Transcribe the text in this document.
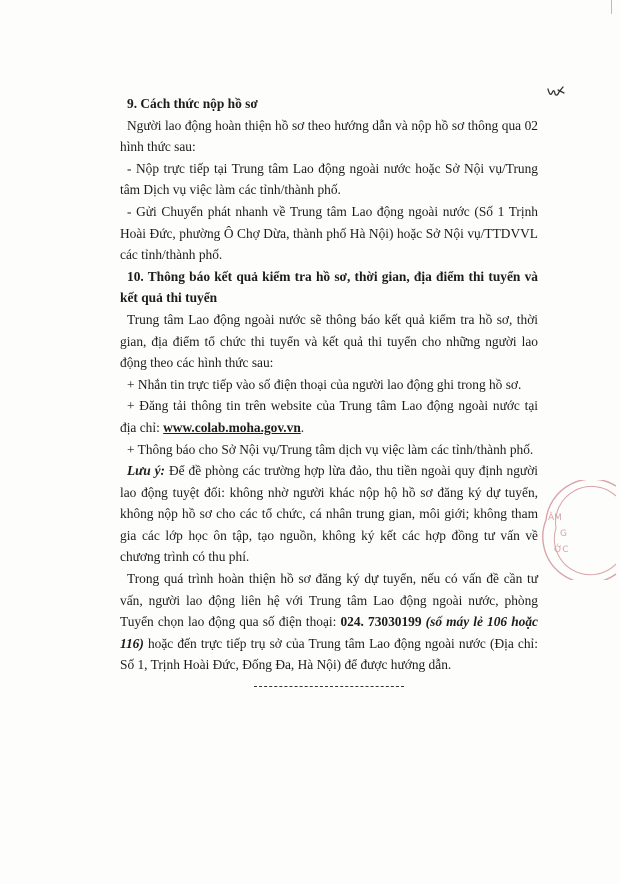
ÂM
G
ỚC

9. Cách thức nộp hồ sơ

Người lao động hoàn thiện hồ sơ theo hướng dẫn và nộp hồ sơ thông qua 02 hình thức sau:

- Nộp trực tiếp tại Trung tâm Lao động ngoài nước hoặc Sở Nội vụ/Trung tâm Dịch vụ việc làm các tỉnh/thành phố.

- Gửi Chuyển phát nhanh về Trung tâm Lao động ngoài nước (Số 1 Trịnh Hoài Đức, phường Ô Chợ Dừa, thành phố Hà Nội) hoặc Sở Nội vụ/TTDVVL các tỉnh/thành phố.

10. Thông báo kết quả kiểm tra hồ sơ, thời gian, địa điểm thi tuyển và kết quả thi tuyển

Trung tâm Lao động ngoài nước sẽ thông báo kết quả kiểm tra hồ sơ, thời gian, địa điểm tổ chức thi tuyển và kết quả thi tuyển cho những người lao động theo các hình thức sau:

+ Nhắn tin trực tiếp vào số điện thoại của người lao động ghi trong hồ sơ.

+ Đăng tải thông tin trên website của Trung tâm Lao động ngoài nước tại địa chỉ: www.colab.moha.gov.vn.

+ Thông báo cho Sở Nội vụ/Trung tâm dịch vụ việc làm các tỉnh/thành phố.

Lưu ý: Để đề phòng các trường hợp lừa đảo, thu tiền ngoài quy định người lao động tuyệt đối: không nhờ người khác nộp hộ hồ sơ đăng ký dự tuyển, không nộp hồ sơ cho các tổ chức, cá nhân trung gian, môi giới; không tham gia các lớp học ôn tập, tạo nguồn, không ký kết các hợp đồng tư vấn về chương trình có thu phí.

Trong quá trình hoàn thiện hồ sơ đăng ký dự tuyển, nếu có vấn đề cần tư vấn, người lao động liên hệ với Trung tâm Lao động ngoài nước, phòng Tuyển chọn lao động qua số điện thoại: 024. 73030199 (số máy lẻ 106 hoặc 116) hoặc đến trực tiếp trụ sở của Trung tâm Lao động ngoài nước (Địa chỉ: Số 1, Trịnh Hoài Đức, Đống Đa, Hà Nội) để được hướng dẫn.
